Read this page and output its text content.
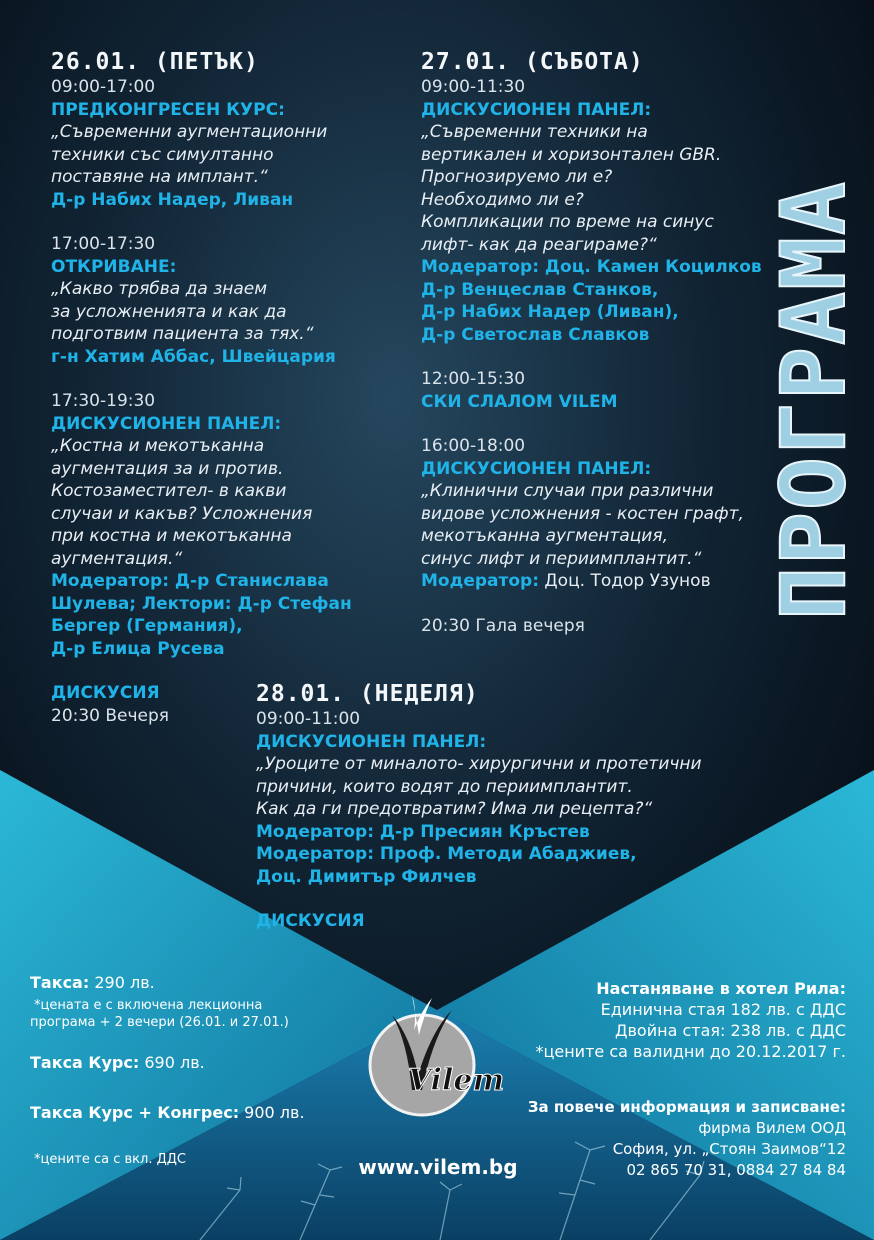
ПРОГРАМА
26.01. (ПЕТЪК)
09:00-17:00
ПРЕДКОНГРЕСЕН КУРС:
„Съвременни аугментационни
техники със симултанно
поставяне на имплант.“
Д-р Набих Надер, Ливан
17:00-17:30
ОТКРИВАНЕ:
„Какво трябва да знаем
за усложненията и как да
подготвим пациента за тях.“
г-н Хатим Аббас, Швейцария
17:30-19:30
ДИСКУСИОНЕН ПАНЕЛ:
„Костна и мекотъканна
аугментация за и против.
Костозаместител- в какви
случаи и какъв? Усложнения
при костна и мекотъканна
аугментация.“
Модератор: Д-р Станислава
Шулева; Лектори: Д-р Стефан
Бергер (Германия),
Д-р Елица Русева
ДИСКУСИЯ
20:30 Вечеря
27.01. (СЪБОТА)
09:00-11:30
ДИСКУСИОНЕН ПАНЕЛ:
„Съвременни техники на
вертикален и хоризонтален GBR.
Прогнозируемо ли е?
Необходимо ли е?
Компликации по време на синус
лифт- как да реагираме?“
Модератор: Доц. Камен Коцилков
Д-р Венцеслав Станков,
Д-р Набих Надер (Ливан),
Д-р Светослав Славков
12:00-15:30
СКИ СЛАЛОМ VILEM
16:00-18:00
ДИСКУСИОНЕН ПАНЕЛ:
„Клинични случаи при различни
видове усложнения - костен графт,
мекотъканна аугментация,
синус лифт и периимплантит.“
Модератор: Доц. Тодор Узунов
20:30 Гала вечеря
28.01. (НЕДЕЛЯ)
09:00-11:00
ДИСКУСИОНЕН ПАНЕЛ:
„Уроците от миналото- хирургични и протетични
причини, които водят до периимплантит.
Как да ги предотвратим? Има ли рецепта?“
Модератор: Д-р Пресиян Кръстев
Модератор: Проф. Методи Абаджиев,
Доц. Димитър Филчев
ДИСКУСИЯ
Такса: 290 лв.
*цената е с включена лекционна
програма + 2 вечери (26.01. и 27.01.)
Такса Курс: 690 лв.
Такса Курс + Конгрес: 900 лв.
*цените са с вкл. ДДС
Настаняване в хотел Рила:
Единична стая 182 лв. с ДДС
Двойна стая: 238 лв. с ДДС
*цените са валидни до 20.12.2017 г.
За повече информация и записване:
фирма Вилем ООД
София, ул. „Стоян Заимов“12
02 865 70 31, 0884 27 84 84
Vilem
www.vilem.bg
